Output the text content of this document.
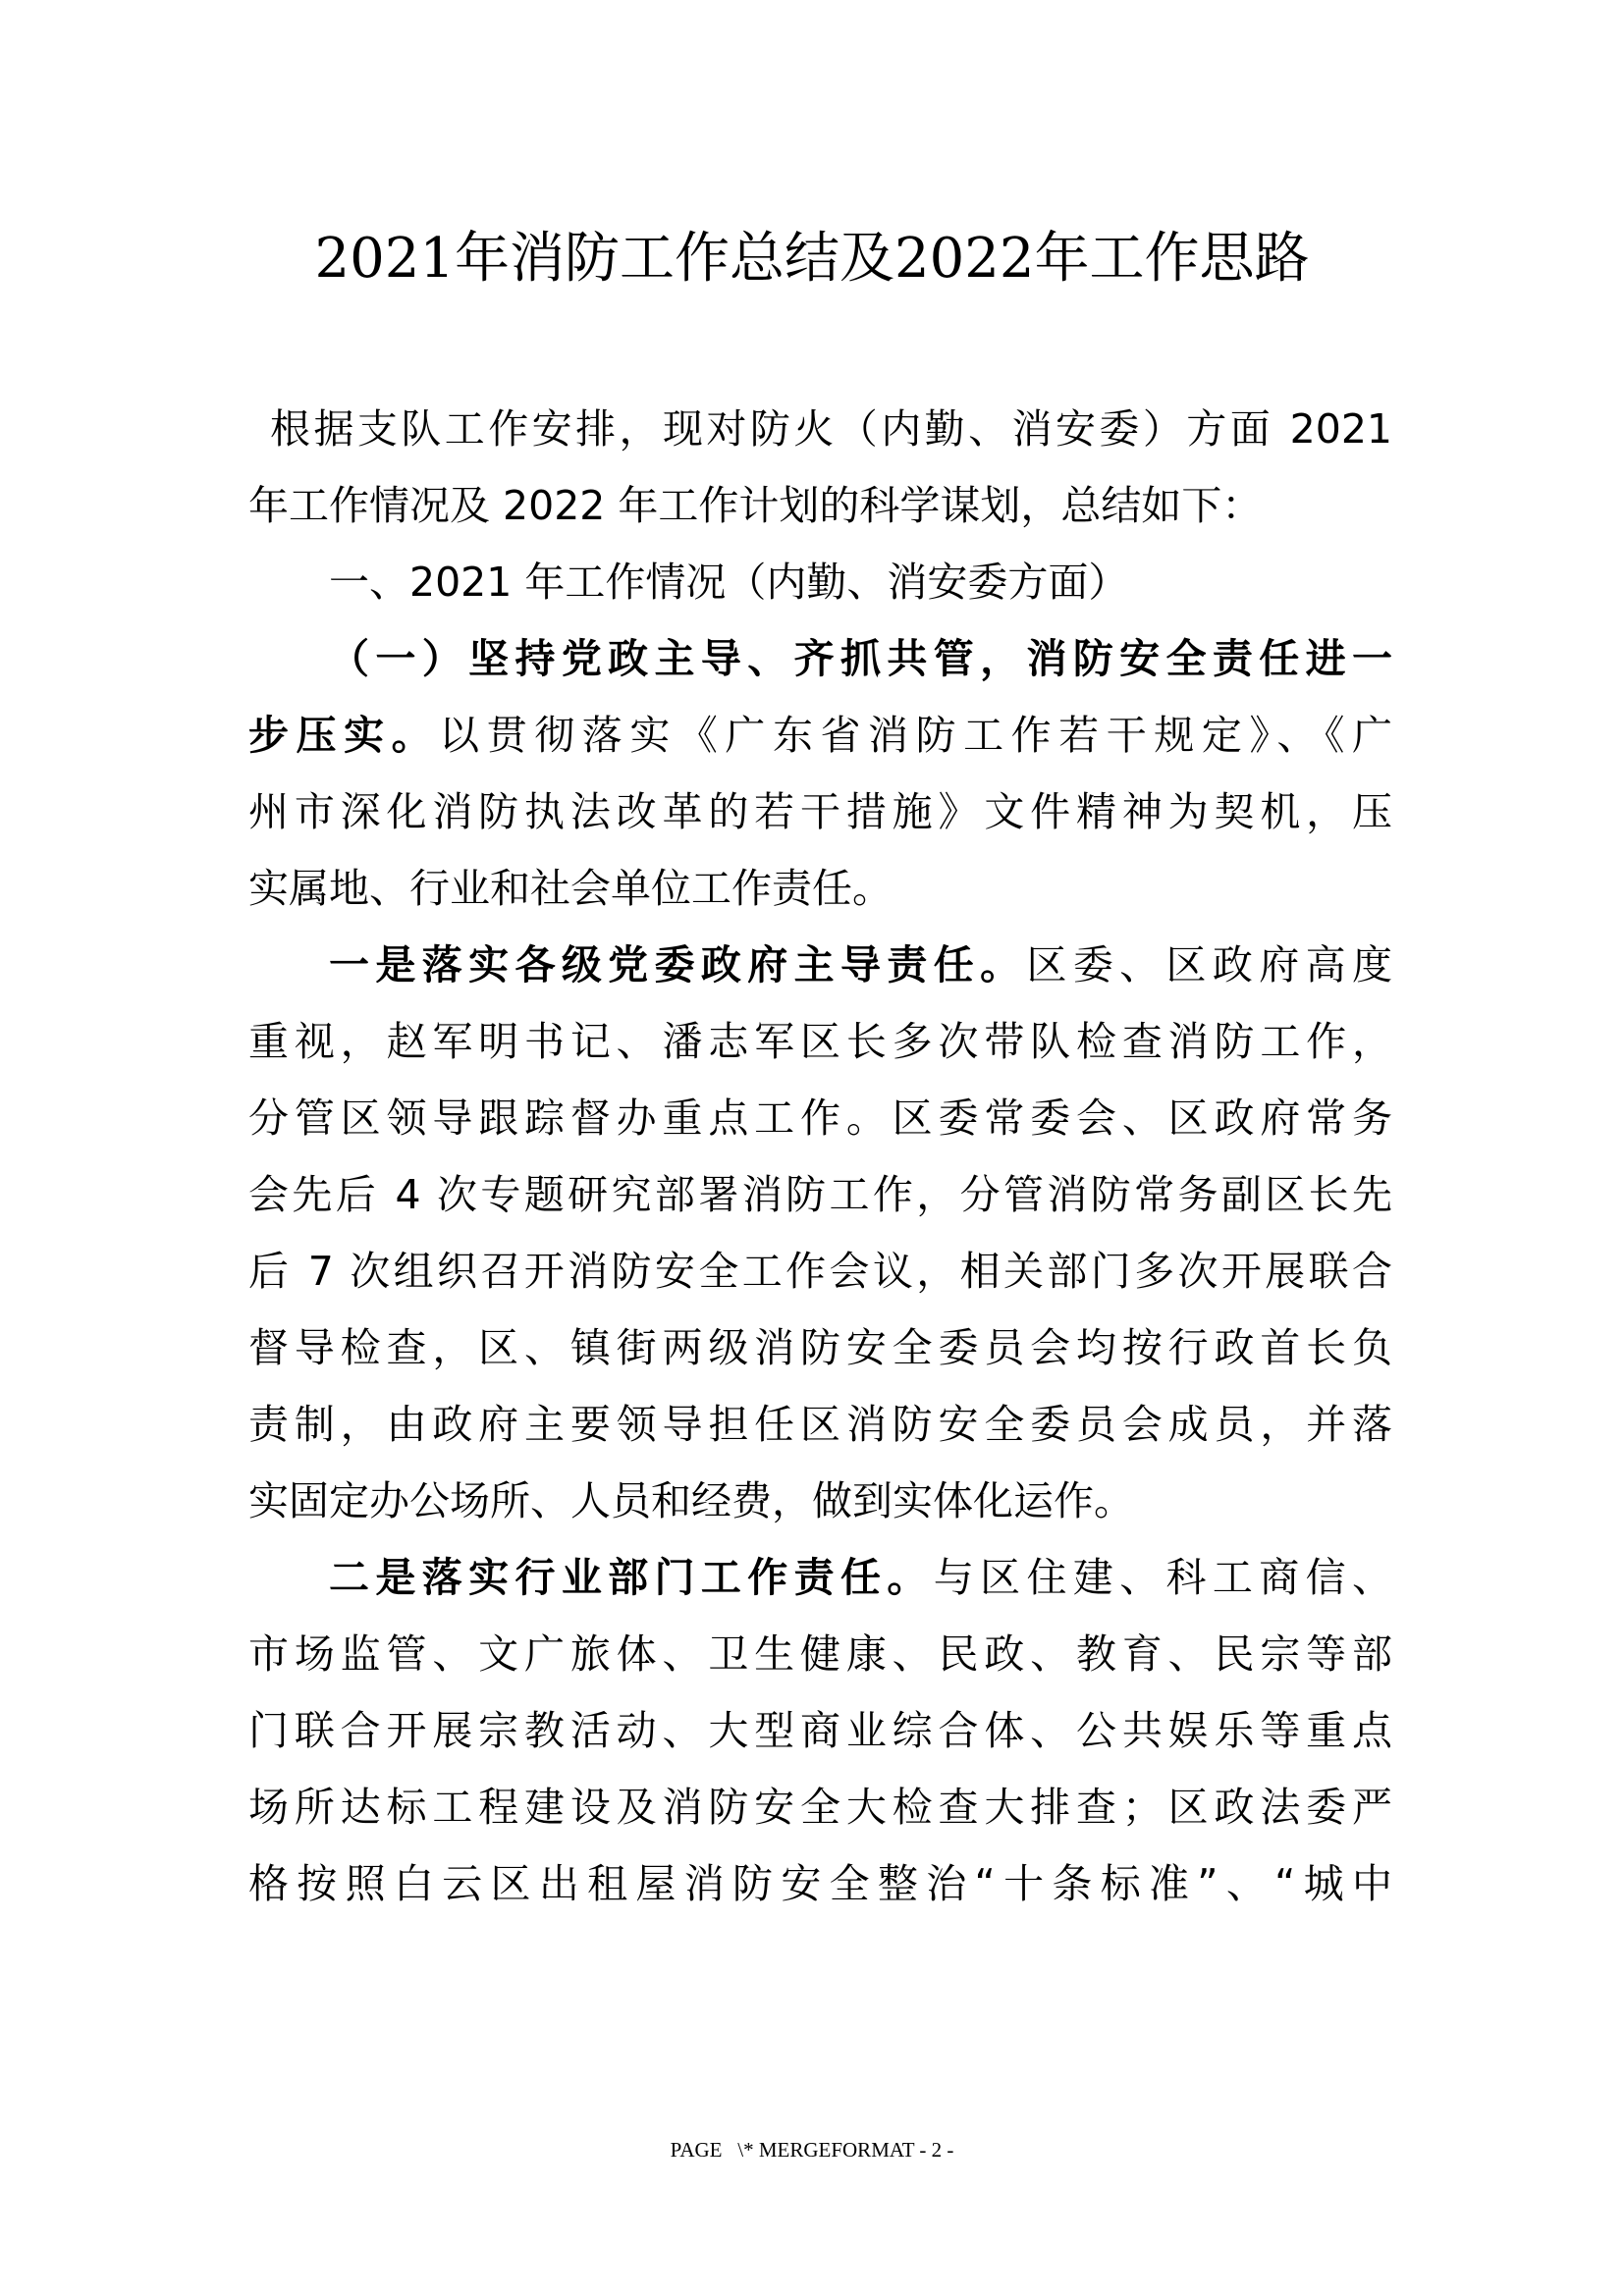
2021年消防工作总结及2022年工作思路
根据支队工作安排，现对防火（内勤、消安委）方面 2021
年工作情况及 2022 年工作计划的科学谋划，总结如下：
一、2021 年工作情况（内勤、消安委方面）
（一）坚持党政主导、齐抓共管，消防安全责任进一
步压实。以贯彻落实《广东省消防工作若干规定》、《广
州市深化消防执法改革的若干措施》文件精神为契机，压
实属地、行业和社会单位工作责任。
一是落实各级党委政府主导责任。区委、区政府高度
重视，赵军明书记、潘志军区长多次带队检查消防工作，
分管区领导跟踪督办重点工作。区委常委会、区政府常务
会先后 4 次专题研究部署消防工作，分管消防常务副区长先
后 7 次组织召开消防安全工作会议，相关部门多次开展联合
督导检查，区、镇街两级消防安全委员会均按行政首长负
责制，由政府主要领导担任区消防安全委员会成员，并落
实固定办公场所、人员和经费，做到实体化运作。
二是落实行业部门工作责任。与区住建、科工商信、
市场监管、文广旅体、卫生健康、民政、教育、民宗等部
门联合开展宗教活动、大型商业综合体、公共娱乐等重点
场所达标工程建设及消防安全大检查大排查；区政法委严
格按照白云区出租屋消防安全整治“十条标准”、“城中
PAGE   \* MERGEFORMAT - 2 -
